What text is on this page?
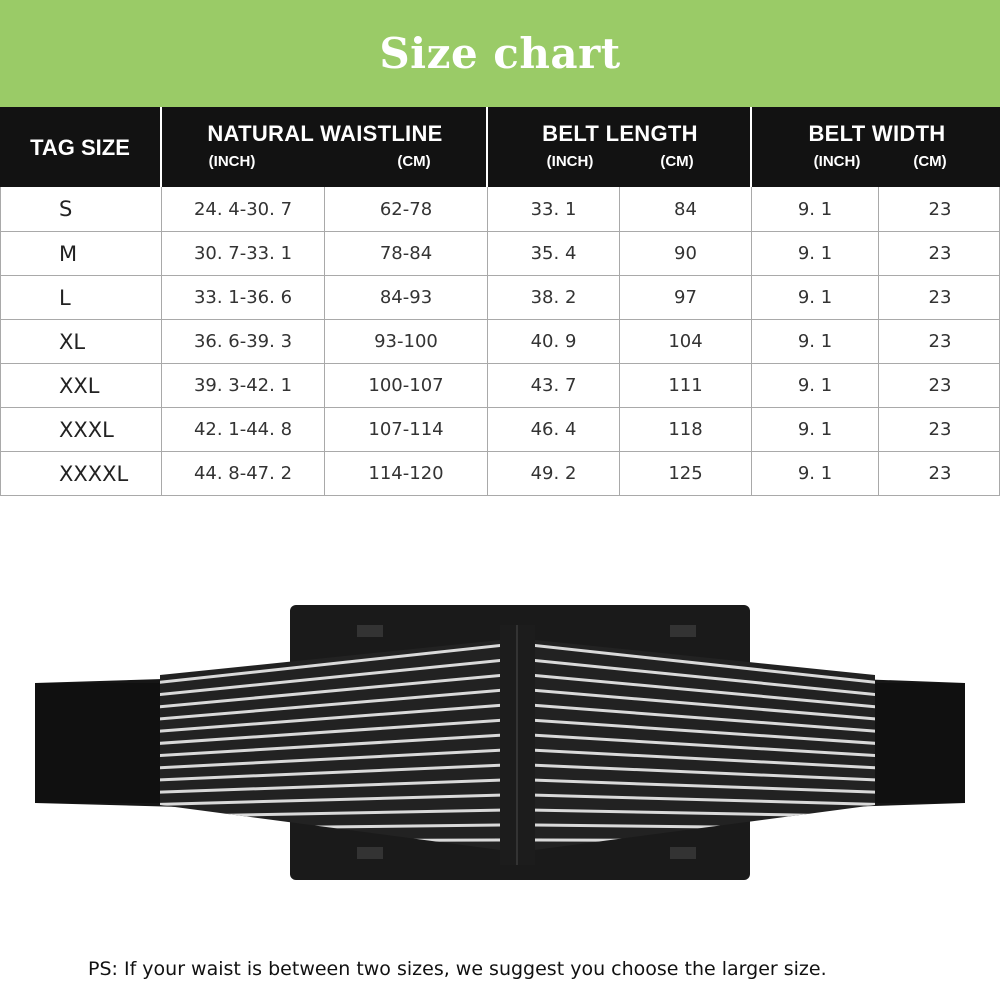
Size chart
TAG SIZE
NATURAL WAISTLINE
(INCH)	(CM)
BELT LENGTH
(INCH)	(CM)
BELT WIDTH
(INCH)	(CM)
S	24. 4-30. 7	62-78	33. 1	84	9. 1	23
M	30. 7-33. 1	78-84	35. 4	90	9. 1	23
L	33. 1-36. 6	84-93	38. 2	97	9. 1	23
XL	36. 6-39. 3	93-100	40. 9	104	9. 1	23
XXL	39. 3-42. 1	100-107	43. 7	111	9. 1	23
XXXL	42. 1-44. 8	107-114	46. 4	118	9. 1	23
XXXXL	44. 8-47. 2	114-120	49. 2	125	9. 1	23
PS: If your waist is between two sizes, we suggest you choose the larger size.
